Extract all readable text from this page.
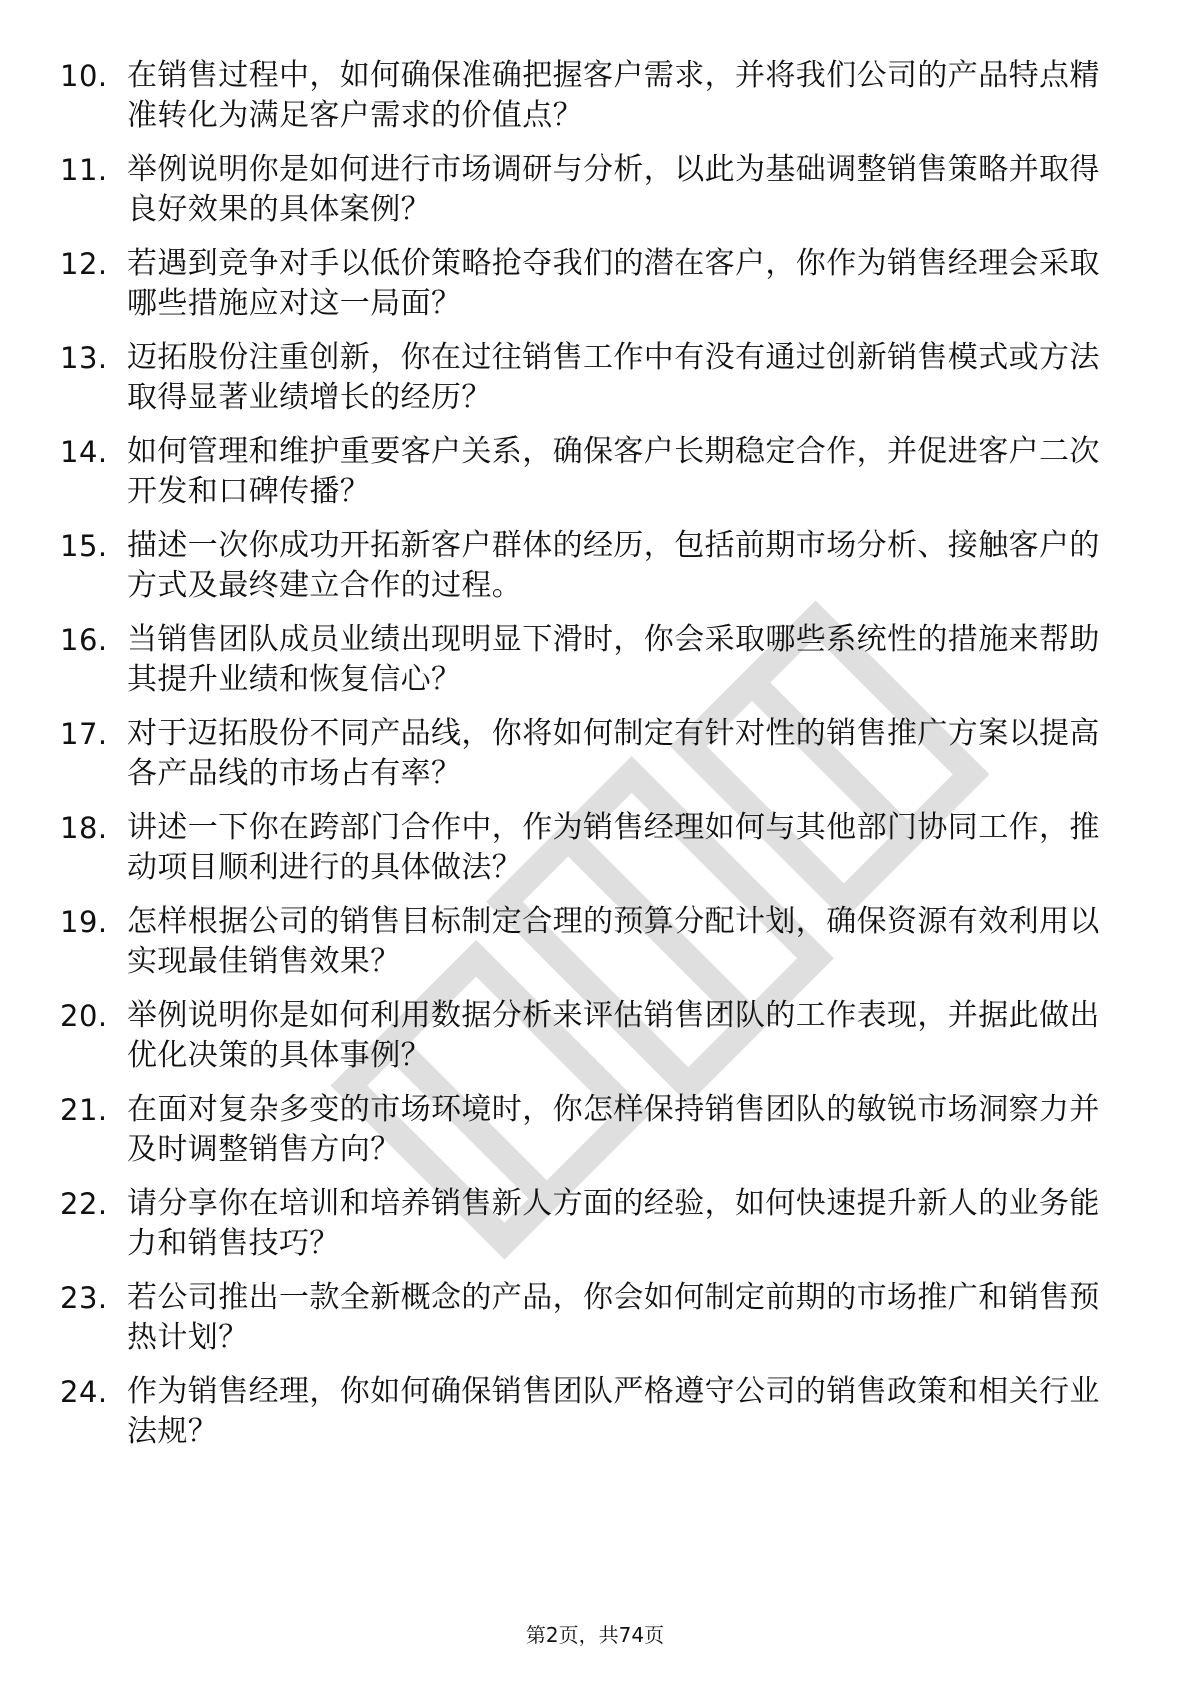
10. 在销售过程中，如何确保准确把握客户需求，并将我们公司的产品特点精准转化为满足客户需求的价值点？
11. 举例说明你是如何进行市场调研与分析，以此为基础调整销售策略并取得良好效果的具体案例？
12. 若遇到竞争对手以低价策略抢夺我们的潜在客户，你作为销售经理会采取哪些措施应对这一局面？
13. 迈拓股份注重创新，你在过往销售工作中有没有通过创新销售模式或方法取得显著业绩增长的经历？
14. 如何管理和维护重要客户关系，确保客户长期稳定合作，并促进客户二次开发和口碑传播？
15. 描述一次你成功开拓新客户群体的经历，包括前期市场分析、接触客户的方式及最终建立合作的过程。
16. 当销售团队成员业绩出现明显下滑时，你会采取哪些系统性的措施来帮助其提升业绩和恢复信心？
17. 对于迈拓股份不同产品线，你将如何制定有针对性的销售推广方案以提高各产品线的市场占有率？
18. 讲述一下你在跨部门合作中，作为销售经理如何与其他部门协同工作，推动项目顺利进行的具体做法？
19. 怎样根据公司的销售目标制定合理的预算分配计划，确保资源有效利用以实现最佳销售效果？
20. 举例说明你是如何利用数据分析来评估销售团队的工作表现，并据此做出优化决策的具体事例？
21. 在面对复杂多变的市场环境时，你怎样保持销售团队的敏锐市场洞察力并及时调整销售方向？
22. 请分享你在培训和培养销售新人方面的经验，如何快速提升新人的业务能力和销售技巧？
23. 若公司推出一款全新概念的产品，你会如何制定前期的市场推广和销售预热计划？
24. 作为销售经理，你如何确保销售团队严格遵守公司的销售政策和相关行业法规？
第2页，共74页
